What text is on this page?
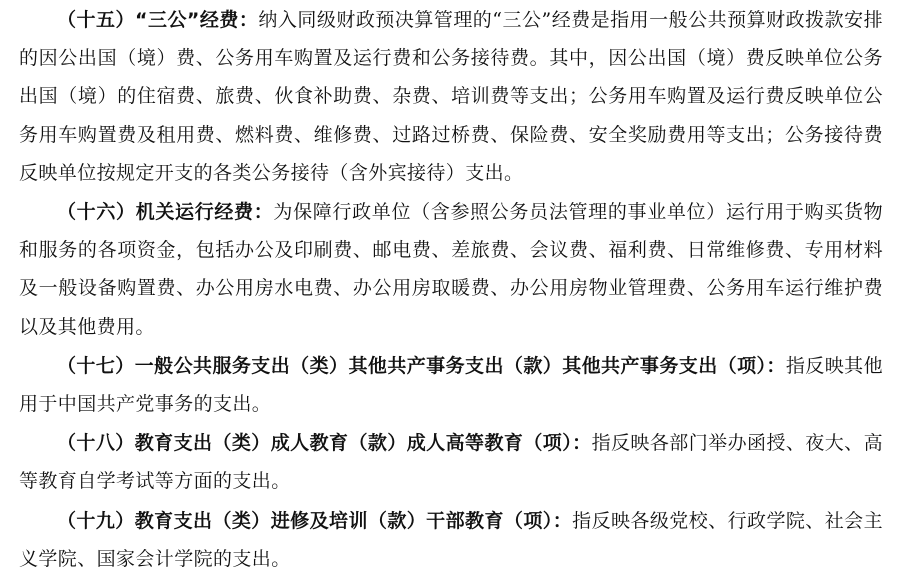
（十五）“三公”经费：纳入同级财政预决算管理的“三公”经费是指用一般公共预算财政拨款安排的因公出国（境）费、公务用车购置及运行费和公务接待费。其中，因公出国（境）费反映单位公务出国（境）的住宿费、旅费、伙食补助费、杂费、培训费等支出；公务用车购置及运行费反映单位公务用车购置费及租用费、燃料费、维修费、过路过桥费、保险费、安全奖励费用等支出；公务接待费反映单位按规定开支的各类公务接待（含外宾接待）支出。

（十六）机关运行经费：为保障行政单位（含参照公务员法管理的事业单位）运行用于购买货物和服务的各项资金，包括办公及印刷费、邮电费、差旅费、会议费、福利费、日常维修费、专用材料及一般设备购置费、办公用房水电费、办公用房取暖费、办公用房物业管理费、公务用车运行维护费以及其他费用。

（十七）一般公共服务支出（类）其他共产事务支出（款）其他共产事务支出（项）：指反映其他用于中国共产党事务的支出。

（十八）教育支出（类）成人教育（款）成人高等教育（项）：指反映各部门举办函授、夜大、高等教育自学考试等方面的支出。

（十九）教育支出（类）进修及培训（款）干部教育（项）：指反映各级党校、行政学院、社会主义学院、国家会计学院的支出。
